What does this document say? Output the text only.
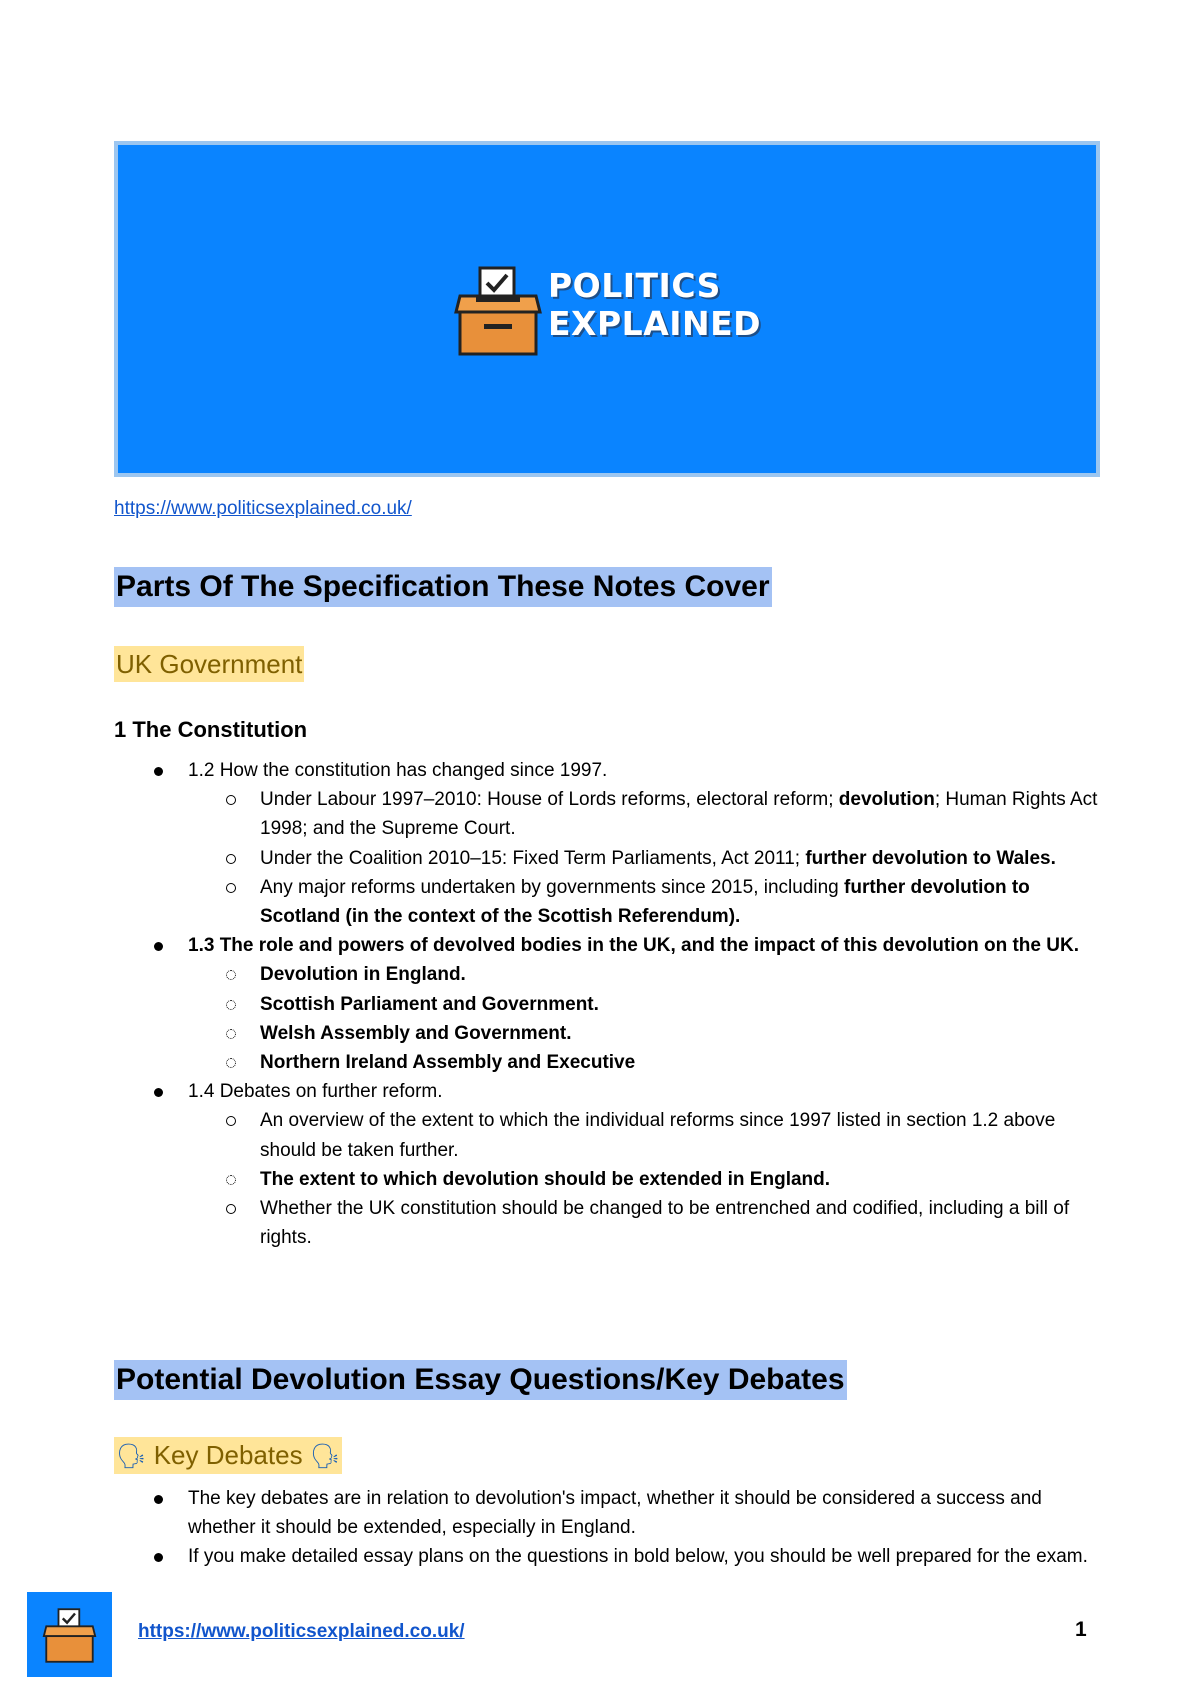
POLITICS
EXPLAINED
https://www.politicsexplained.co.uk/
Parts Of The Specification These Notes Cover
UK Government
1 The Constitution
1.2 How the constitution has changed since 1997.
Under Labour 1997–2010: House of Lords reforms, electoral reform; devolution; Human Rights Act 1998; and the Supreme Court.
Under the Coalition 2010–15: Fixed Term Parliaments, Act 2011; further devolution to Wales.
Any major reforms undertaken by governments since 2015, including further devolution to Scotland (in the context of the Scottish Referendum).
1.3 The role and powers of devolved bodies in the UK, and the impact of this devolution on the UK.
Devolution in England.
Scottish Parliament and Government.
Welsh Assembly and Government.
Northern Ireland Assembly and Executive
1.4 Debates on further reform.
An overview of the extent to which the individual reforms since 1997 listed in section 1.2 above should be taken further.
The extent to which devolution should be extended in England.
Whether the UK constitution should be changed to be entrenched and codified, including a bill of rights.
Potential Devolution Essay Questions/Key Debates
🗣 Key Debates 🗣
The key debates are in relation to devolution's impact, whether it should be considered a success and whether it should be extended, especially in England.
If you make detailed essay plans on the questions in bold below, you should be well prepared for the exam.
https://www.politicsexplained.co.uk/	1
